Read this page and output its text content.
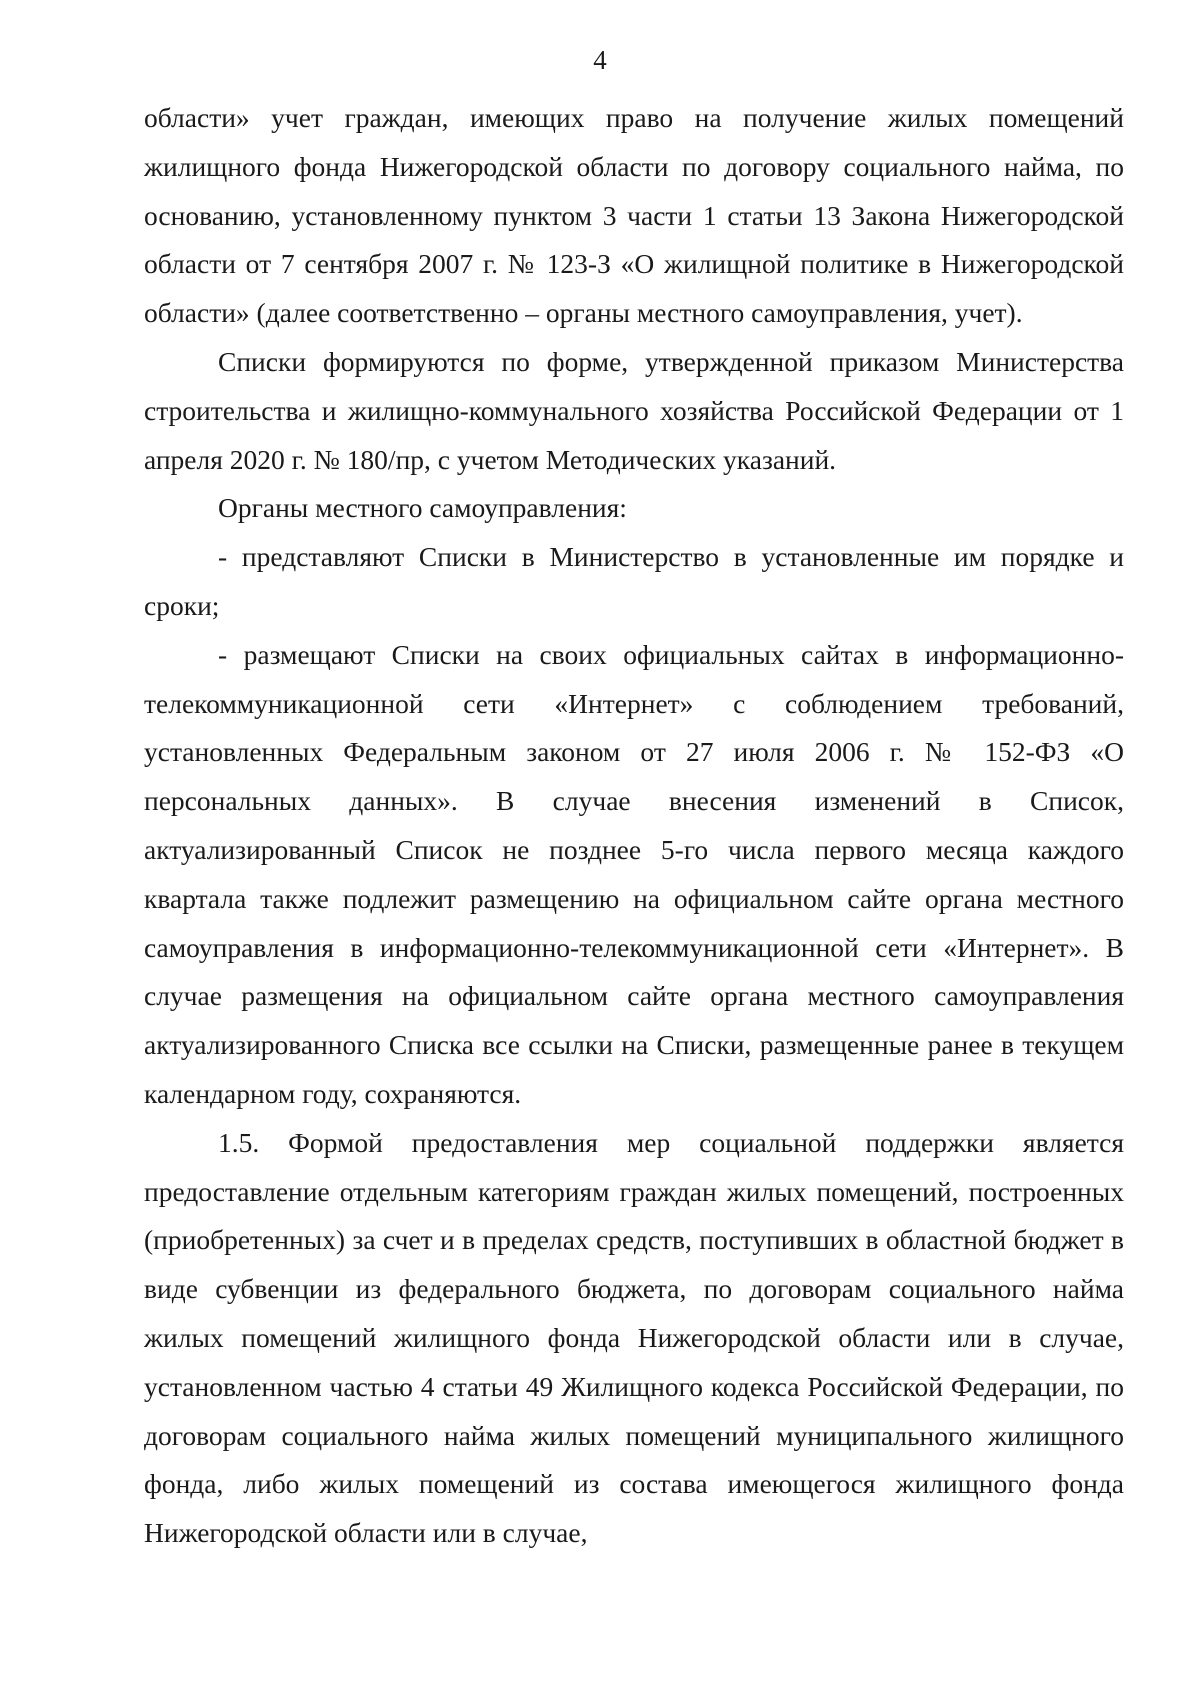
4

области» учет граждан, имеющих право на получение жилых помещений жилищного фонда Нижегородской области по договору социального найма, по основанию, установленному пунктом 3 части 1 статьи 13 Закона Нижегородской области от 7 сентября 2007 г. № 123-З «О жилищной политике в Нижегородской области» (далее соответственно – органы местного самоуправления, учет).

Списки формируются по форме, утвержденной приказом Министерства строительства и жилищно-коммунального хозяйства Российской Федерации от 1 апреля 2020 г. № 180/пр, с учетом Методических указаний.

Органы местного самоуправления:

- представляют Списки в Министерство в установленные им порядке и сроки;

- размещают Списки на своих официальных сайтах в информационно-телекоммуникационной сети «Интернет» с соблюдением требований, установленных Федеральным законом от 27 июля 2006 г. № 152-ФЗ «О персональных данных». В случае внесения изменений в Список, актуализированный Список не позднее 5-го числа первого месяца каждого квартала также подлежит размещению на официальном сайте органа местного самоуправления в информационно-телекоммуникационной сети «Интернет». В случае размещения на официальном сайте органа местного самоуправления актуализированного Списка все ссылки на Списки, размещенные ранее в текущем календарном году, сохраняются.

1.5. Формой предоставления мер социальной поддержки является предоставление отдельным категориям граждан жилых помещений, построенных (приобретенных) за счет и в пределах средств, поступивших в областной бюджет в виде субвенции из федерального бюджета, по договорам социального найма жилых помещений жилищного фонда Нижегородской области или в случае, установленном частью 4 статьи 49 Жилищного кодекса Российской Федерации, по договорам социального найма жилых помещений муниципального жилищного фонда, либо жилых помещений из состава имеющегося жилищного фонда Нижегородской области или в случае,
